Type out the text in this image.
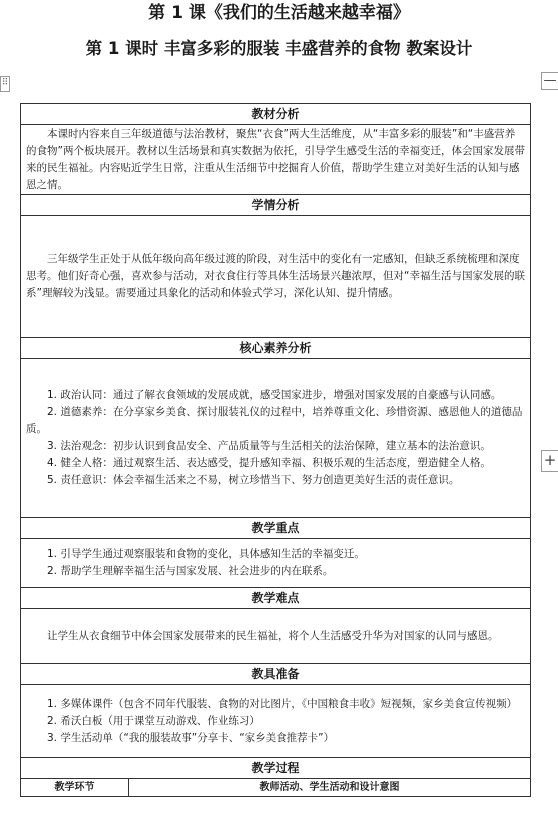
第 1 课《我们的生活越来越幸福》
第 1 课时 丰富多彩的服装 丰盛营养的食物 教案设计
⠿	—
+
教材分析

本课时内容来自三年级道德与法治教材，聚焦“衣食”两大生活维度，从“丰富多彩的服装”和“丰盛营养的食物”两个板块展开。教材以生活场景和真实数据为依托，引导学生感受生活的幸福变迁，体会国家发展带来的民生福祉。内容贴近学生日常，注重从生活细节中挖掘育人价值，帮助学生建立对美好生活的认知与感恩之情。

学情分析

三年级学生正处于从低年级向高年级过渡的阶段，对生活中的变化有一定感知，但缺乏系统梳理和深度思考。他们好奇心强，喜欢参与活动，对衣食住行等具体生活场景兴趣浓厚，但对“幸福生活与国家发展的联系”理解较为浅显。需要通过具象化的活动和体验式学习，深化认知、提升情感。

核心素养分析

1. 政治认同：通过了解衣食领域的发展成就，感受国家进步，增强对国家发展的自豪感与认同感。

2. 道德素养：在分享家乡美食、探讨服装礼仪的过程中，培养尊重文化、珍惜资源、感恩他人的道德品质。

3. 法治观念：初步认识到食品安全、产品质量等与生活相关的法治保障，建立基本的法治意识。

4. 健全人格：通过观察生活、表达感受，提升感知幸福、积极乐观的生活态度，塑造健全人格。

5. 责任意识：体会幸福生活来之不易，树立珍惜当下、努力创造更美好生活的责任意识。

教学重点

1. 引导学生通过观察服装和食物的变化，具体感知生活的幸福变迁。

2. 帮助学生理解幸福生活与国家发展、社会进步的内在联系。

教学难点

让学生从衣食细节中体会国家发展带来的民生福祉，将个人生活感受升华为对国家的认同与感恩。

教具准备

1. 多媒体课件（包含不同年代服装、食物的对比图片，《中国粮食丰收》短视频，家乡美食宣传视频）

2. 希沃白板（用于课堂互动游戏、作业练习）

3. 学生活动单（“我的服装故事”分享卡、“家乡美食推荐卡”）

教学过程
教学环节	教师活动、学生活动和设计意图
